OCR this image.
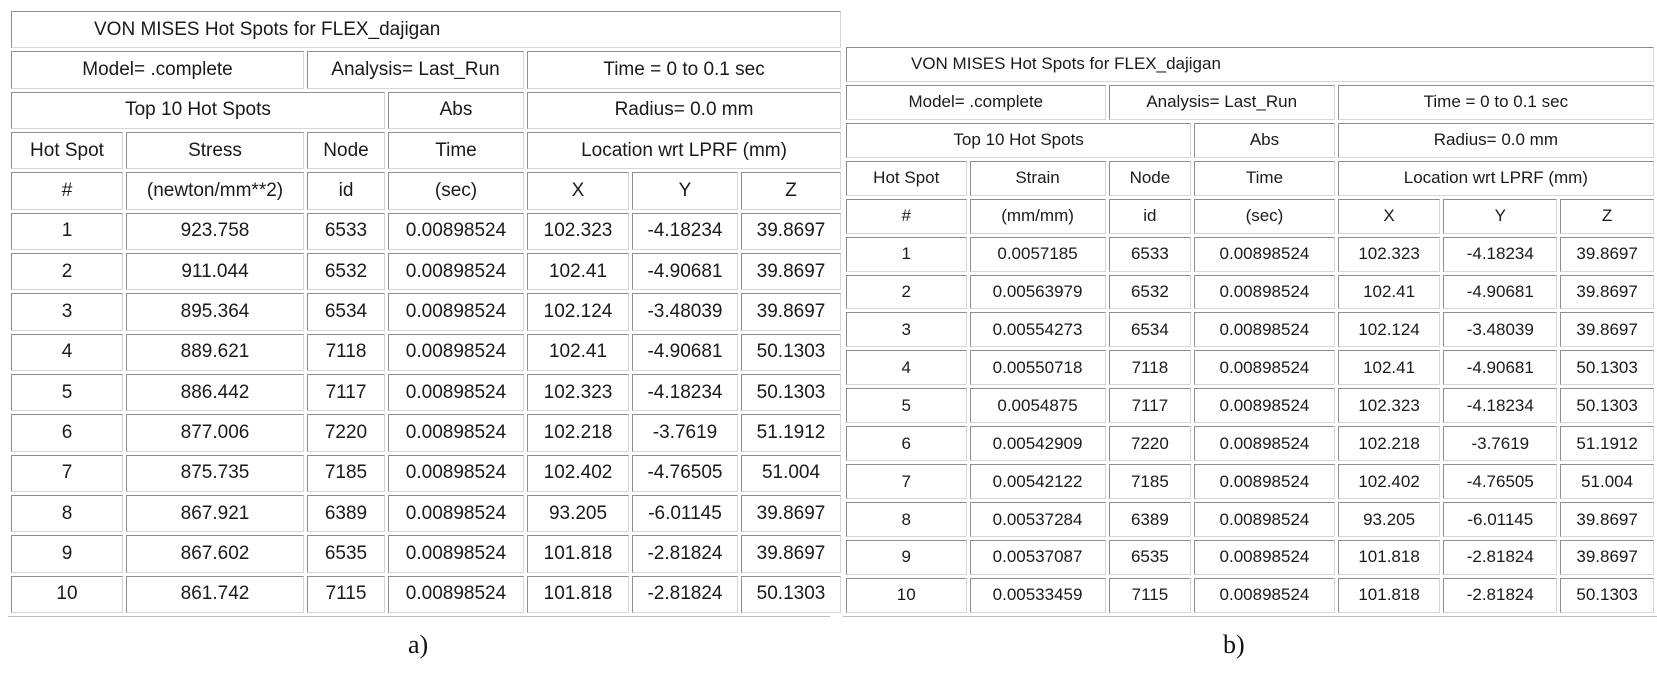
VON MISES Hot Spots for FLEX_dajigan						
Model= .complete		Analysis= Last_Run		Time = 0 to 0.1 sec		
Top 10 Hot Spots			Abs	Radius= 0.0 mm		
Hot Spot	Stress	Node	Time	Location wrt LPRF (mm)		
#	(newton/mm**2)	id	(sec)	X	Y	Z
1	923.758	6533	0.00898524	102.323	-4.18234	39.8697
2	911.044	6532	0.00898524	102.41	-4.90681	39.8697
3	895.364	6534	0.00898524	102.124	-3.48039	39.8697
4	889.621	7118	0.00898524	102.41	-4.90681	50.1303
5	886.442	7117	0.00898524	102.323	-4.18234	50.1303
6	877.006	7220	0.00898524	102.218	-3.7619	51.1912
7	875.735	7185	0.00898524	102.402	-4.76505	51.004
8	867.921	6389	0.00898524	93.205	-6.01145	39.8697
9	867.602	6535	0.00898524	101.818	-2.81824	39.8697
10	861.742	7115	0.00898524	101.818	-2.81824	50.1303
VON MISES Hot Spots for FLEX_dajigan						
Model= .complete		Analysis= Last_Run		Time = 0 to 0.1 sec		
Top 10 Hot Spots			Abs	Radius= 0.0 mm		
Hot Spot	Strain	Node	Time	Location wrt LPRF (mm)		
#	(mm/mm)	id	(sec)	X	Y	Z
1	0.0057185	6533	0.00898524	102.323	-4.18234	39.8697
2	0.00563979	6532	0.00898524	102.41	-4.90681	39.8697
3	0.00554273	6534	0.00898524	102.124	-3.48039	39.8697
4	0.00550718	7118	0.00898524	102.41	-4.90681	50.1303
5	0.0054875	7117	0.00898524	102.323	-4.18234	50.1303
6	0.00542909	7220	0.00898524	102.218	-3.7619	51.1912
7	0.00542122	7185	0.00898524	102.402	-4.76505	51.004
8	0.00537284	6389	0.00898524	93.205	-6.01145	39.8697
9	0.00537087	6535	0.00898524	101.818	-2.81824	39.8697
10	0.00533459	7115	0.00898524	101.818	-2.81824	50.1303
a)	b)
